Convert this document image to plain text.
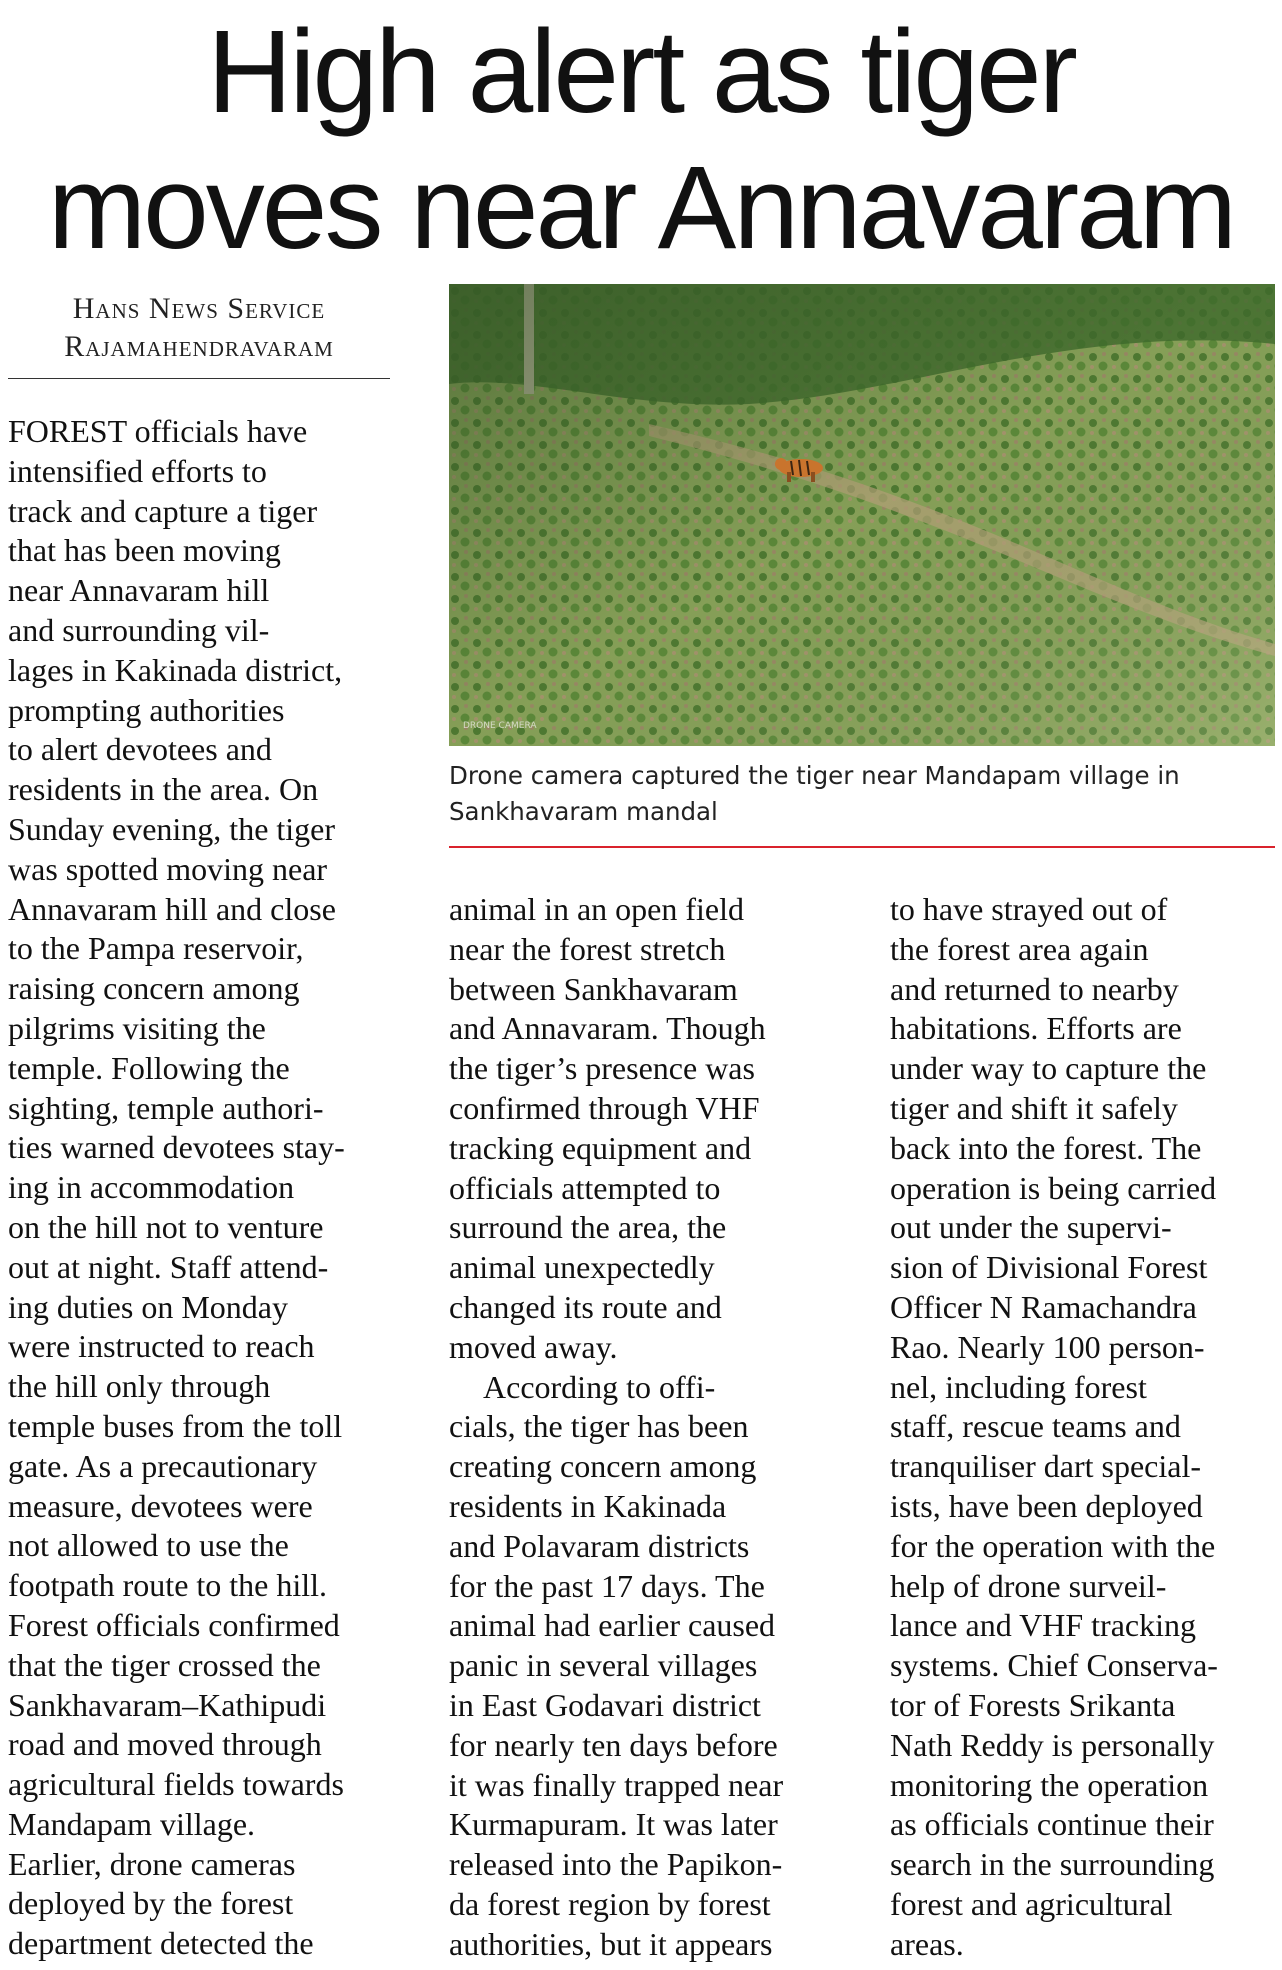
High alert as tiger
moves near Annavaram
Hans News Service
Rajamahendravaram
DRONE CAMERA
Drone camera captured the tiger near Mandapam village in Sankhavaram mandal
FOREST officials have
intensified efforts to
track and capture a tiger
that has been moving
near Annavaram hill
and surrounding vil-
lages in Kakinada district,
prompting authorities
to alert devotees and
residents in the area. On
Sunday evening, the tiger
was spotted moving near
Annavaram hill and close
to the Pampa reservoir,
raising concern among
pilgrims visiting the
temple. Following the
sighting, temple authori-
ties warned devotees stay-
ing in accommodation
on the hill not to venture
out at night. Staff attend-
ing duties on Monday
were instructed to reach
the hill only through
temple buses from the toll
gate. As a precautionary
measure, devotees were
not allowed to use the
footpath route to the hill.
Forest officials confirmed
that the tiger crossed the
Sankhavaram–Kathipudi
road and moved through
agricultural fields towards
Mandapam village.
Earlier, drone cameras
deployed by the forest
department detected the
animal in an open field
near the forest stretch
between Sankhavaram
and Annavaram. Though
the tiger’s presence was
confirmed through VHF
tracking equipment and
officials attempted to
surround the area, the
animal unexpectedly
changed its route and
moved away.
According to offi-
cials, the tiger has been
creating concern among
residents in Kakinada
and Polavaram districts
for the past 17 days. The
animal had earlier caused
panic in several villages
in East Godavari district
for nearly ten days before
it was finally trapped near
Kurmapuram. It was later
released into the Papikon-
da forest region by forest
authorities, but it appears
to have strayed out of
the forest area again
and returned to nearby
habitations. Efforts are
under way to capture the
tiger and shift it safely
back into the forest. The
operation is being carried
out under the supervi-
sion of Divisional Forest
Officer N Ramachandra
Rao. Nearly 100 person-
nel, including forest
staff, rescue teams and
tranquiliser dart special-
ists, have been deployed
for the operation with the
help of drone surveil-
lance and VHF tracking
systems. Chief Conserva-
tor of Forests Srikanta
Nath Reddy is personally
monitoring the operation
as officials continue their
search in the surrounding
forest and agricultural
areas.
